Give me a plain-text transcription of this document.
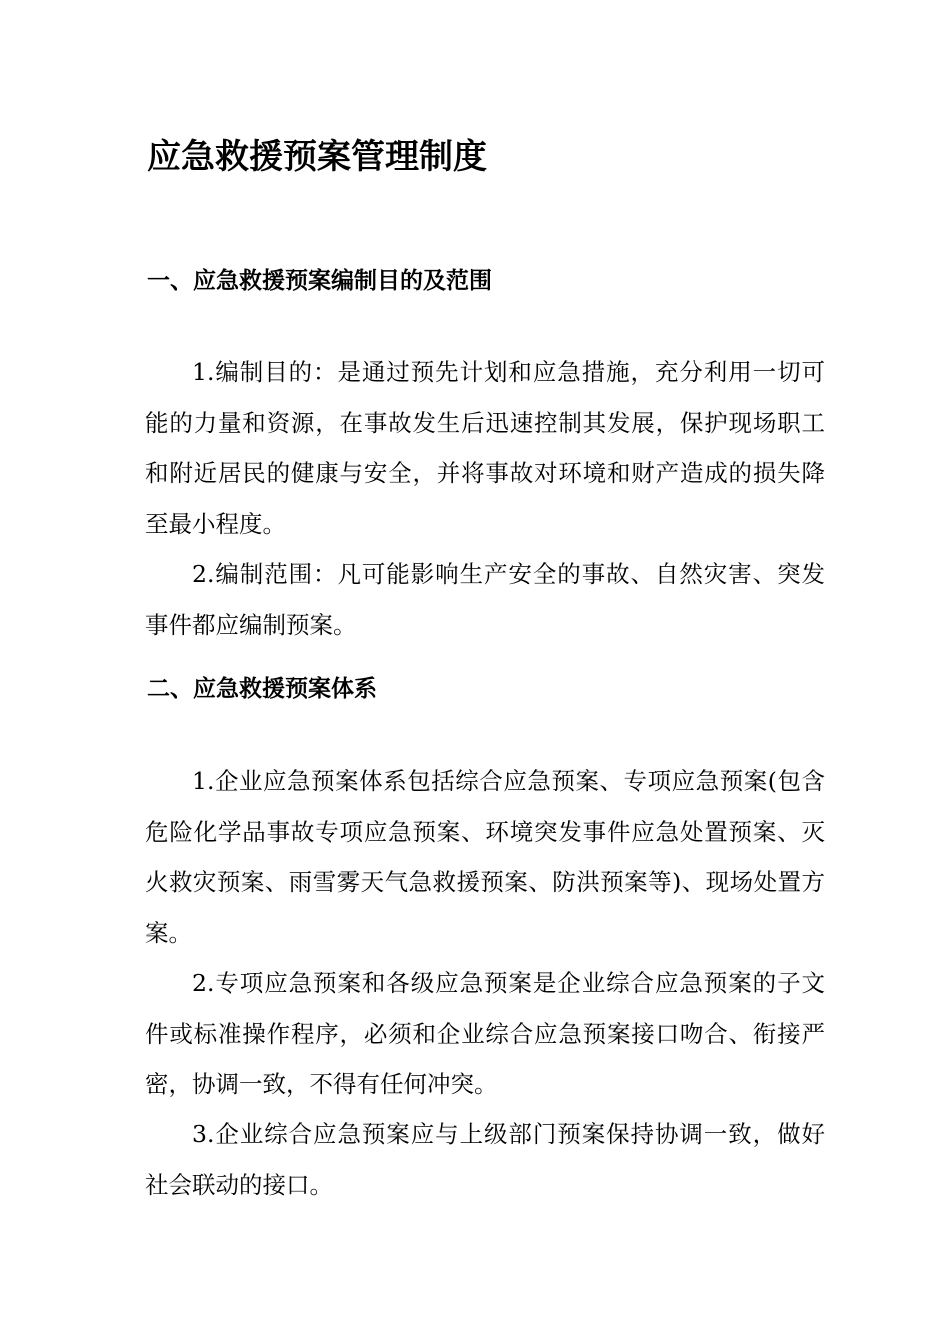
应急救援预案管理制度
一、应急救援预案编制目的及范围

1.编制目的：是通过预先计划和应急措施，充分利用一切可能的力量和资源，在事故发生后迅速控制其发展，保护现场职工和附近居民的健康与安全，并将事故对环境和财产造成的损失降至最小程度。

2.编制范围：凡可能影响生产安全的事故、自然灾害、突发事件都应编制预案。

二、应急救援预案体系

1.企业应急预案体系包括综合应急预案、专项应急预案(包含危险化学品事故专项应急预案、环境突发事件应急处置预案、灭火救灾预案、雨雪雾天气急救援预案、防洪预案等)、现场处置方案。

2.专项应急预案和各级应急预案是企业综合应急预案的子文件或标准操作程序，必须和企业综合应急预案接口吻合、衔接严密，协调一致，不得有任何冲突。

3.企业综合应急预案应与上级部门预案保持协调一致，做好社会联动的接口。
